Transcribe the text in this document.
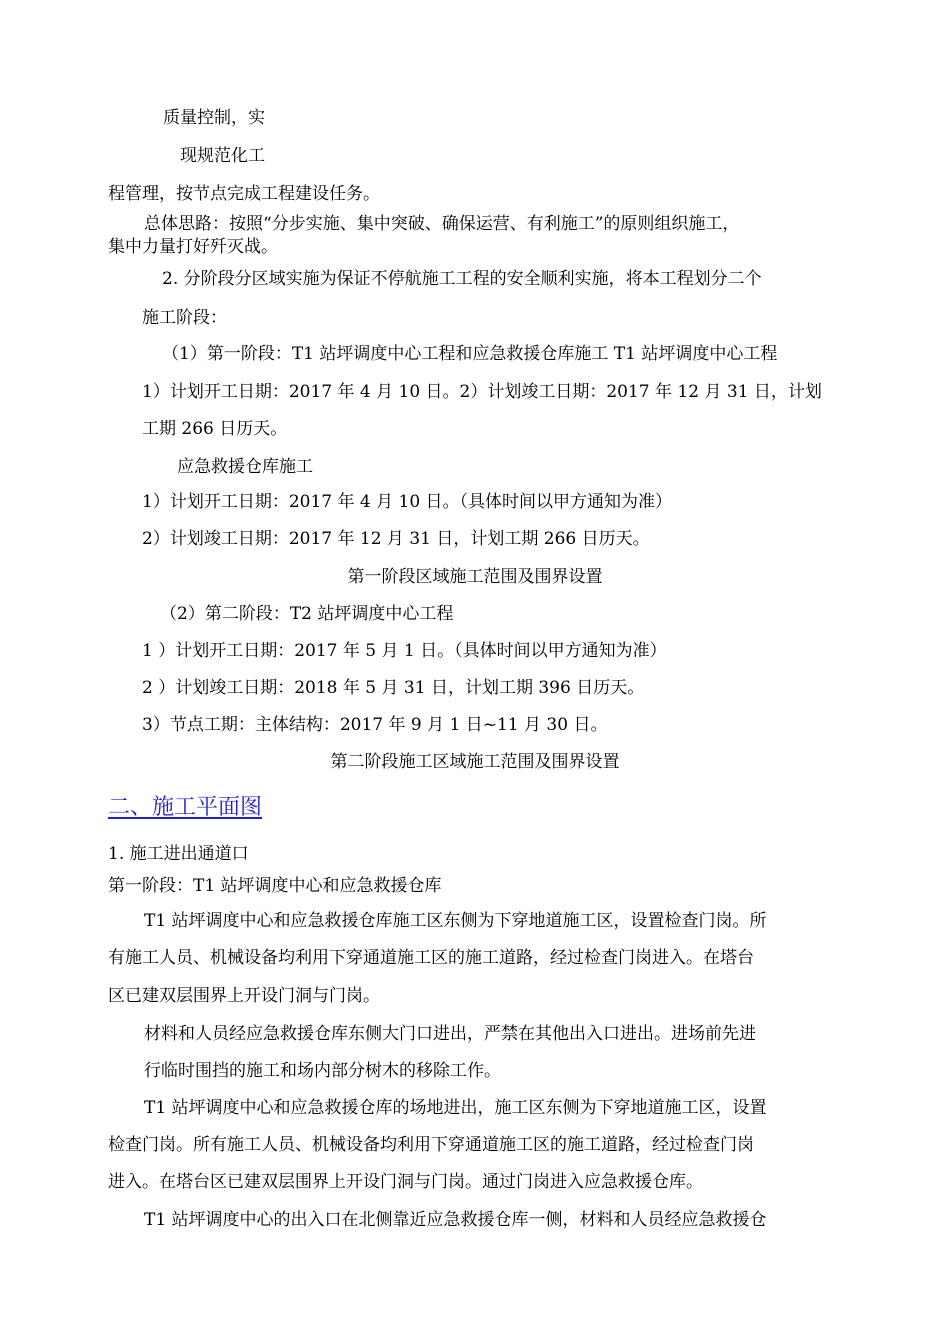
质量控制，实

现规范化工

程管理，按节点完成工程建设任务。

总体思路：按照“分步实施、集中突破、确保运营、有利施工”的原则组织施工，

集中力量打好歼灭战。

2. 分阶段分区域实施为保证不停航施工工程的安全顺利实施，将本工程划分二个

施工阶段：

（1）第一阶段：T1 站坪调度中心工程和应急救援仓库施工 T1 站坪调度中心工程

1）计划开工日期：2017 年 4 月 10 日。2）计划竣工日期：2017 年 12 月 31 日，计划

工期 266 日历天。

应急救援仓库施工

1）计划开工日期：2017 年 4 月 10 日。（具体时间以甲方通知为准）

2）计划竣工日期：2017 年 12 月 31 日，计划工期 266 日历天。

第一阶段区域施工范围及围界设置

（2）第二阶段：T2 站坪调度中心工程

1 ）计划开工日期：2017 年 5 月 1 日。（具体时间以甲方通知为准）

2 ）计划竣工日期：2018 年 5 月 31 日，计划工期 396 日历天。

3）节点工期：主体结构：2017 年 9 月 1 日~11 月 30 日。

第二阶段施工区域施工范围及围界设置

二、施工平面图

1. 施工进出通道口

第一阶段：T1 站坪调度中心和应急救援仓库

T1 站坪调度中心和应急救援仓库施工区东侧为下穿地道施工区，设置检查门岗。所

有施工人员、机械设备均利用下穿通道施工区的施工道路，经过检查门岗进入。在塔台

区已建双层围界上开设门洞与门岗。

材料和人员经应急救援仓库东侧大门口进出，严禁在其他出入口进出。进场前先进

行临时围挡的施工和场内部分树木的移除工作。

T1 站坪调度中心和应急救援仓库的场地进出，施工区东侧为下穿地道施工区，设置

检查门岗。所有施工人员、机械设备均利用下穿通道施工区的施工道路，经过检查门岗

进入。在塔台区已建双层围界上开设门洞与门岗。通过门岗进入应急救援仓库。

T1 站坪调度中心的出入口在北侧靠近应急救援仓库一侧，材料和人员经应急救援仓
